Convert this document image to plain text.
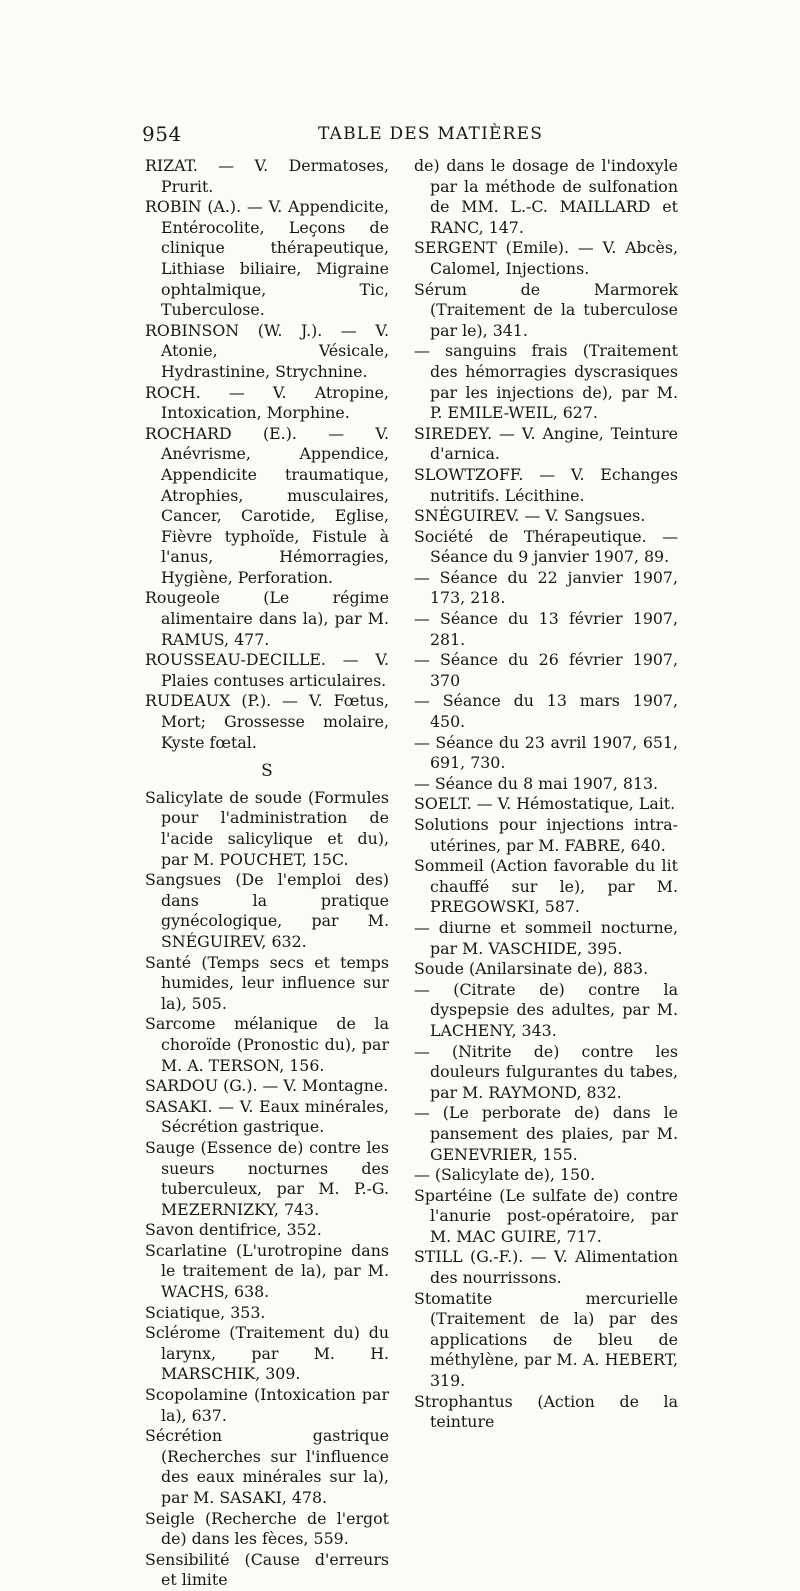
954	TABLE DES MATIÈRES
RIZAT. — V. Dermatoses, Prurit.
ROBIN (A.). — V. Appendicite, Entérocolite, Leçons de clinique thérapeutique, Lithiase biliaire, Migraine ophtalmique, Tic, Tuberculose.
ROBINSON (W. J.). — V. Atonie, Vésicale, Hydrastinine, Strychnine.
ROCH. — V. Atropine, Intoxication, Morphine.
ROCHARD (E.). — V. Anévrisme, Appendice, Appendicite traumatique, Atrophies, musculaires, Cancer, Carotide, Eglise, Fièvre typhoïde, Fistule à l'anus, Hémorragies, Hygiène, Perforation.
Rougeole (Le régime alimentaire dans la), par M. RAMUS, 477.
ROUSSEAU-DECILLE. — V. Plaies contuses articulaires.
RUDEAUX (P.). — V. Fœtus, Mort; Grossesse molaire, Kyste fœtal.
S
Salicylate de soude (Formules pour l'administration de l'acide salicylique et du), par M. POUCHET, 15C.
Sangsues (De l'emploi des) dans la pratique gynécologique, par M. SNÉGUIREV, 632.
Santé (Temps secs et temps humides, leur influence sur la), 505.
Sarcome mélanique de la choroïde (Pronostic du), par M. A. TERSON, 156.
SARDOU (G.). — V. Montagne.
SASAKI. — V. Eaux minérales, Sécrétion gastrique.
Sauge (Essence de) contre les sueurs nocturnes des tuberculeux, par M. P.-G. MEZERNIZKY, 743.
Savon dentifrice, 352.
Scarlatine (L'urotropine dans le traitement de la), par M. WACHS, 638.
Sciatique, 353.
Sclérome (Traitement du) du larynx, par M. H. MARSCHIK, 309.
Scopolamine (Intoxication par la), 637.
Sécrétion gastrique (Recherches sur l'influence des eaux minérales sur la), par M. SASAKI, 478.
Seigle (Recherche de l'ergot de) dans les fèces, 559.
Sensibilité (Cause d'erreurs et limite
de) dans le dosage de l'indoxyle par la méthode de sulfonation de MM. L.-C. MAILLARD et RANC, 147.
SERGENT (Emile). — V. Abcès, Calomel, Injections.
Sérum de Marmorek (Traitement de la tuberculose par le), 341.
— sanguins frais (Traitement des hémorragies dyscrasiques par les injections de), par M. P. EMILE-WEIL, 627.
SIREDEY. — V. Angine, Teinture d'arnica.
SLOWTZOFF. — V. Echanges nutritifs. Lécithine.
SNÉGUIREV. — V. Sangsues.
Société de Thérapeutique. — Séance du 9 janvier 1907, 89.
— Séance du 22 janvier 1907, 173, 218.
— Séance du 13 février 1907, 281.
— Séance du 26 février 1907, 370
— Séance du 13 mars 1907, 450.
— Séance du 23 avril 1907, 651, 691, 730.
— Séance du 8 mai 1907, 813.
SOELT. — V. Hémostatique, Lait.
Solutions pour injections intra-utérines, par M. FABRE, 640.
Sommeil (Action favorable du lit chauffé sur le), par M. PREGOWSKI, 587.
— diurne et sommeil nocturne, par M. VASCHIDE, 395.
Soude (Anilarsinate de), 883.
— (Citrate de) contre la dyspepsie des adultes, par M. LACHENY, 343.
— (Nitrite de) contre les douleurs fulgurantes du tabes, par M. RAYMOND, 832.
— (Le perborate de) dans le pansement des plaies, par M. GENEVRIER, 155.
— (Salicylate de), 150.
Spartéine (Le sulfate de) contre l'anurie post-opératoire, par M. MAC GUIRE, 717.
STILL (G.-F.). — V. Alimentation des nourrissons.
Stomatite mercurielle (Traitement de la) par des applications de bleu de méthylène, par M. A. HEBERT, 319.
Strophantus (Action de la teinture
